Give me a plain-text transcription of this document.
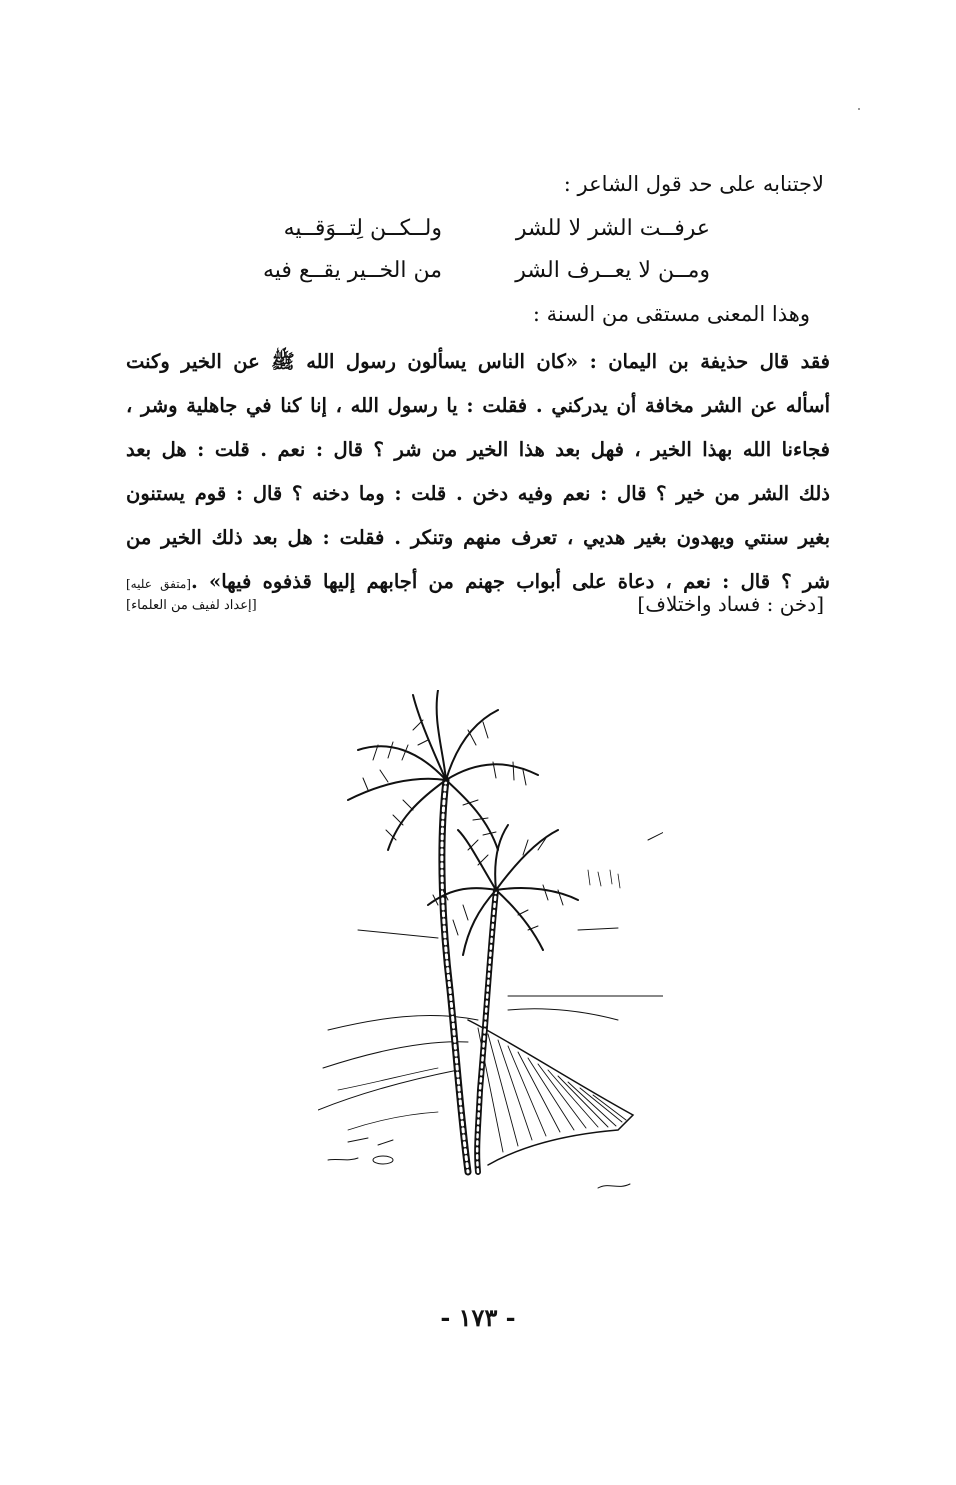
لاجتنابه على حد قول الشاعر :
عرفــت الشر لا للشر
ولــكــن لِتــوَقــيه
ومــن لا يعــرف الشر
من الخــير يقــع فيه
وهذا المعنى مستقى من السنة :
فقد قال حذيفة بن اليمان : «كان الناس يسألون رسول الله ﷺ عن الخير وكنت
أسأله عن الشر مخافة أن يدركني . فقلت : يا رسول الله ، إنا كنا في جاهلية وشر ،
فجاءنا الله بهذا الخير ، فهل بعد هذا الخير من شر ؟ قال : نعم . قلت : هل بعد
ذلك الشر من خير ؟ قال : نعم وفيه دخن . قلت : وما دخنه ؟ قال : قوم يستنون
بغير سنتي ويهدون بغير هديي ، تعرف منهم وتنكر . فقلت : هل بعد ذلك الخير من
شر ؟ قال : نعم ، دعاة على أبواب جهنم من أجابهم إليها قذفوه فيها» .[متفق عليه]
[دخن : فساد واختلاف]
[إعداد لفيف من العلماء]
- ١٧٣ -
